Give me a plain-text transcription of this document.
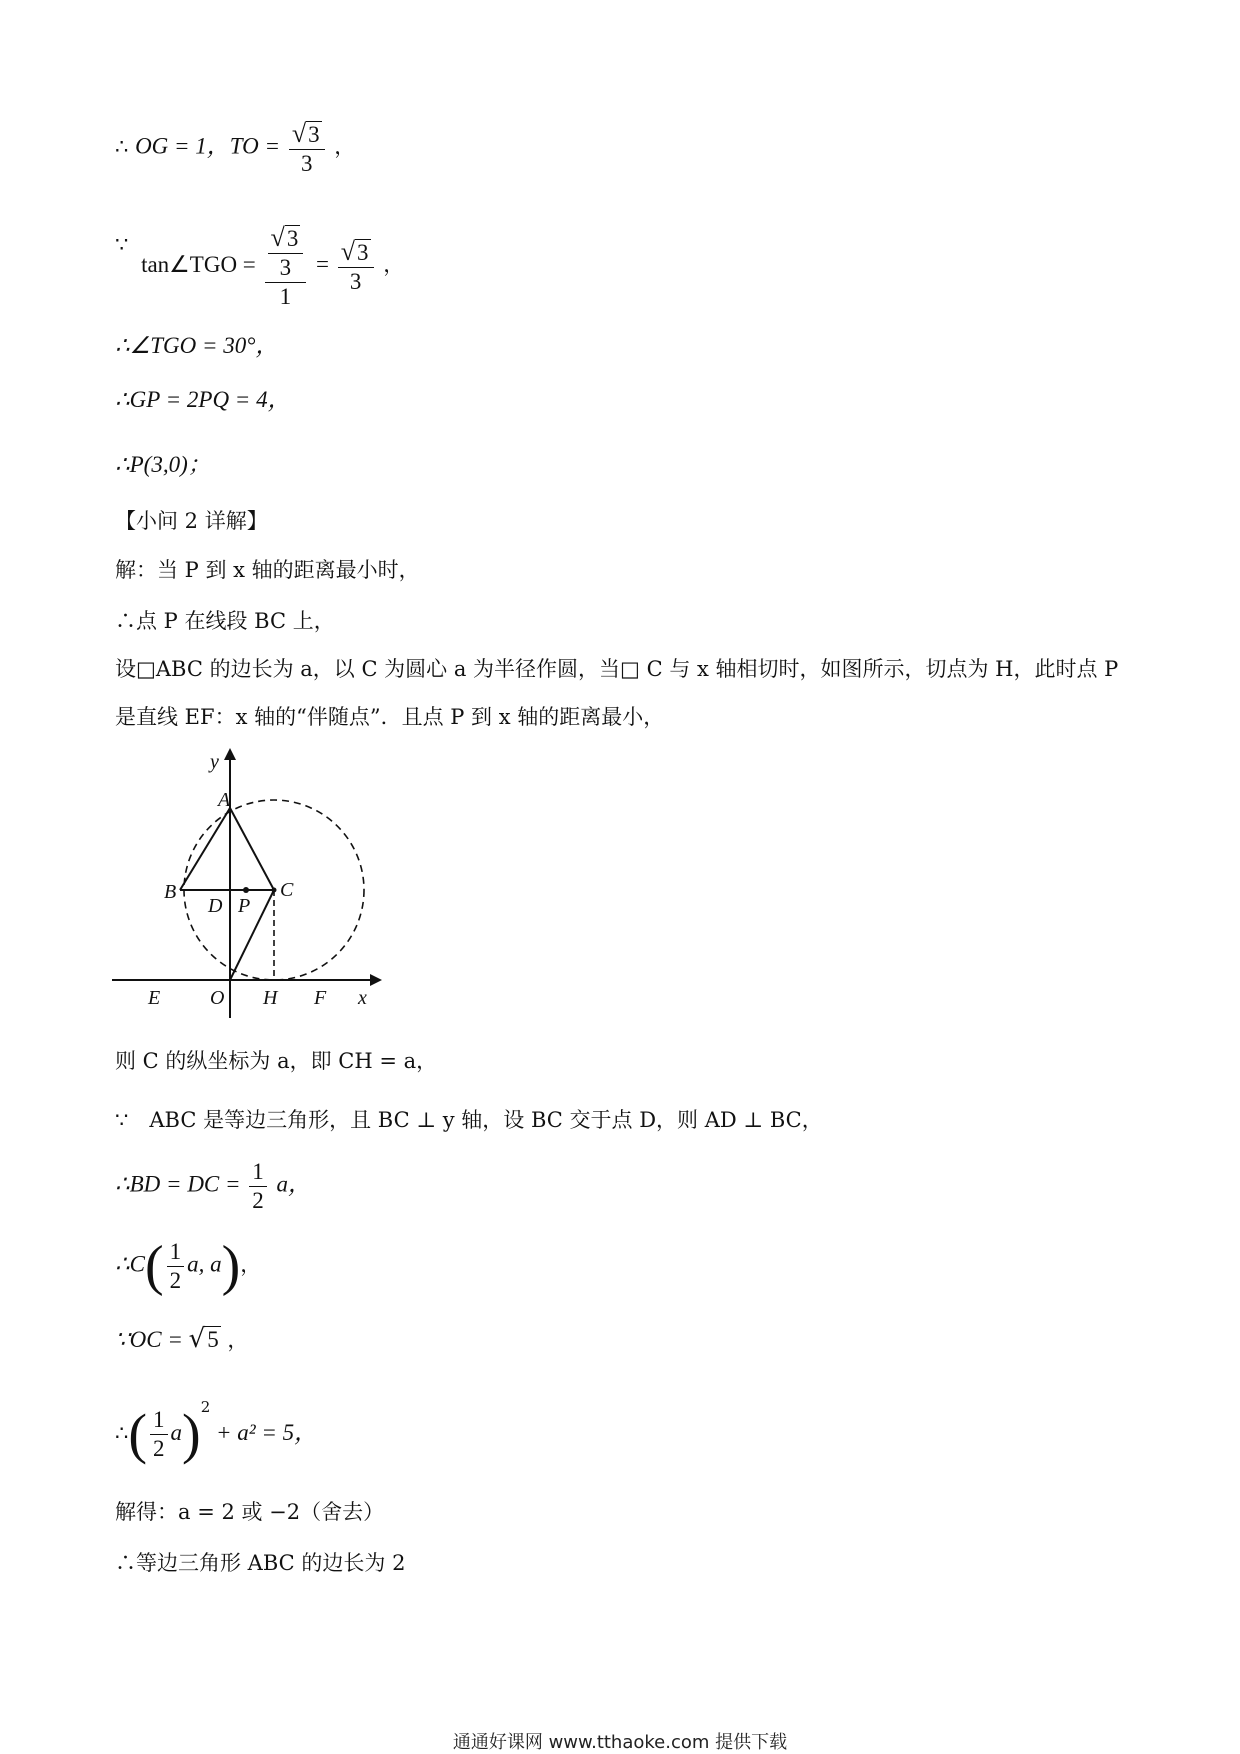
∴ OG = 1，TO = $\frac{√3}{3}$ ，
∵ tan∠TGO = $\frac{\frac{√3}{3}}{1} = \frac{√3}{3}$ ，
∴∠TGO = 30°，
∴GP = 2PQ = 4，
∴P(3,0)；
【小问 2 详解】
解：当 P 到 x 轴的距离最小时，
∴点 P 在线段 BC 上，
设□ABC 的边长为 a，以 C 为圆心 a 为半径作圆，当□ C 与 x 轴相切时，如图所示，切点为 H，此时点 P
是直线 EF：x 轴的“伴随点”．且点 P 到 x 轴的距离最小，
y
x
A
B	C
D P
E O H F
则 C 的纵坐标为 a，即 CH = a，
∵　ABC 是等边三角形，且 BC ⊥ y 轴，设 BC 交于点 D，则 AD ⊥ BC，
∴BD = DC = $\frac{1}{2}$ a，
∴C( $\frac{1}{2} a$, a)，
∵OC = √5 ，
∴( $\frac{1}{2} a)^2 + a^2 = 5$，
解得：a = 2 或 −2（舍去）
∴等边三角形 ABC 的边长为 2
通通好课网 www.tthaoke.com 提供下载
